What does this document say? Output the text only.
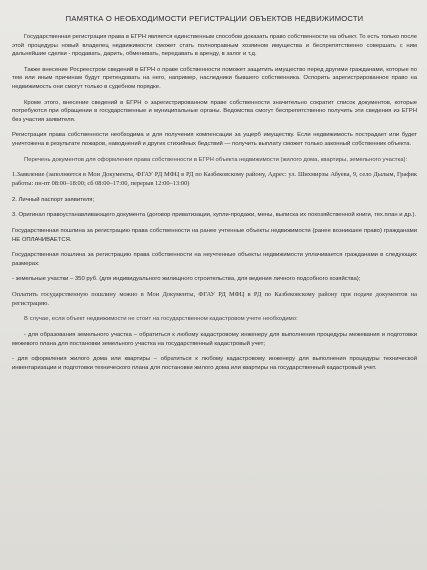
ПАМЯТКА О НЕОБХОДИМОСТИ РЕГИСТРАЦИИ ОБЪЕКТОВ НЕДВИЖИМОСТИ

Государственная регистрация права в ЕГРН является единственным способом доказать право собственности на объект. То есть только после этой процедуры новый владелец недвижимости сможет стать полноправным хозяином имущества и беспрепятственно совершать с ним дальнейшие сделки - продавать, дарить, обменивать, передавать в аренду, в залог и т.д.

Также внесение Росреестром сведений в ЕГРН о праве собственности поможет защитить имущество перед другими гражданами, которые по тем или иным причинам будут претендовать на него, например, наследники бывшего собственника. Оспорить зарегистрированное право на недвижимость они смогут только в судебном порядке.

Кроме этого, внесение сведений в ЕГРН о зарегистрированном праве собственности значительно сократит список документов, которые потребуются при обращении в государственные и муниципальные органы. Ведомства смогут беспрепятственно получить эти сведения из ЕГРН без участия заявителя.

Регистрация права собственности необходима и для получения компенсации за ущерб имуществу. Если недвижимость пострадает или будет уничтожена в результате пожаров, наводнений и других стихийных бедствий — получить выплату сможет только законный собственник объекта.

Перечень документов для оформления права собственности в ЕГРН объекта недвижимости (жилого дома, квартиры, земельного участка):

1.Заявление (заполняется в Мои Документы, ФГАУ РД МФЦ в РД по Казбековскому району, Адрес: ул. Шихмирзы Абуева, 9, село Дылым, График работы: пн-пт 08:00–18:00; сб 08:00–17:00, перерыв 12:00–13:00)

2. Личный паспорт заявителя;

3. Оригинал правоустанавливающего документа (договор приватизации, купли-продажи, мены, выписка их похозяйственной книги, тех.план и др.).

Государственная пошлина за регистрацию права собственности на ранее учтенные объекты недвижимости (ранее возникшее право) гражданами НЕ ОПЛАЧИВАЕТСЯ.

Государственная пошлина за регистрацию права собственности на неучтенные объекты недвижимости уплачивается гражданами в следующих размерах:

- земельные участки – 350 руб. (для индивидуального жилищного строительства, для ведения личного подсобного хозяйства);

Оплатить государственную пошлину можно в Мои Документы, ФГАУ РД МФЦ в РД по Казбековскому району при подаче документов на регистрацию.

В случае, если объект недвижимости не стоит на государственном кадастровом учете необходимо:

- для образования земельного участка – обратиться к любому кадастровому инженеру для выполнения процедуры межевания и подготовки межевого плана для постановки земельного участка на государственный кадастровый учет;

- для оформления жилого дома или квартиры – обратиться к любому кадастровому инженеру для выполнения процедуры технической инвентаризации и подготовки технического плана для постановки жилого дома или квартиры на государственный кадастровый учет.
